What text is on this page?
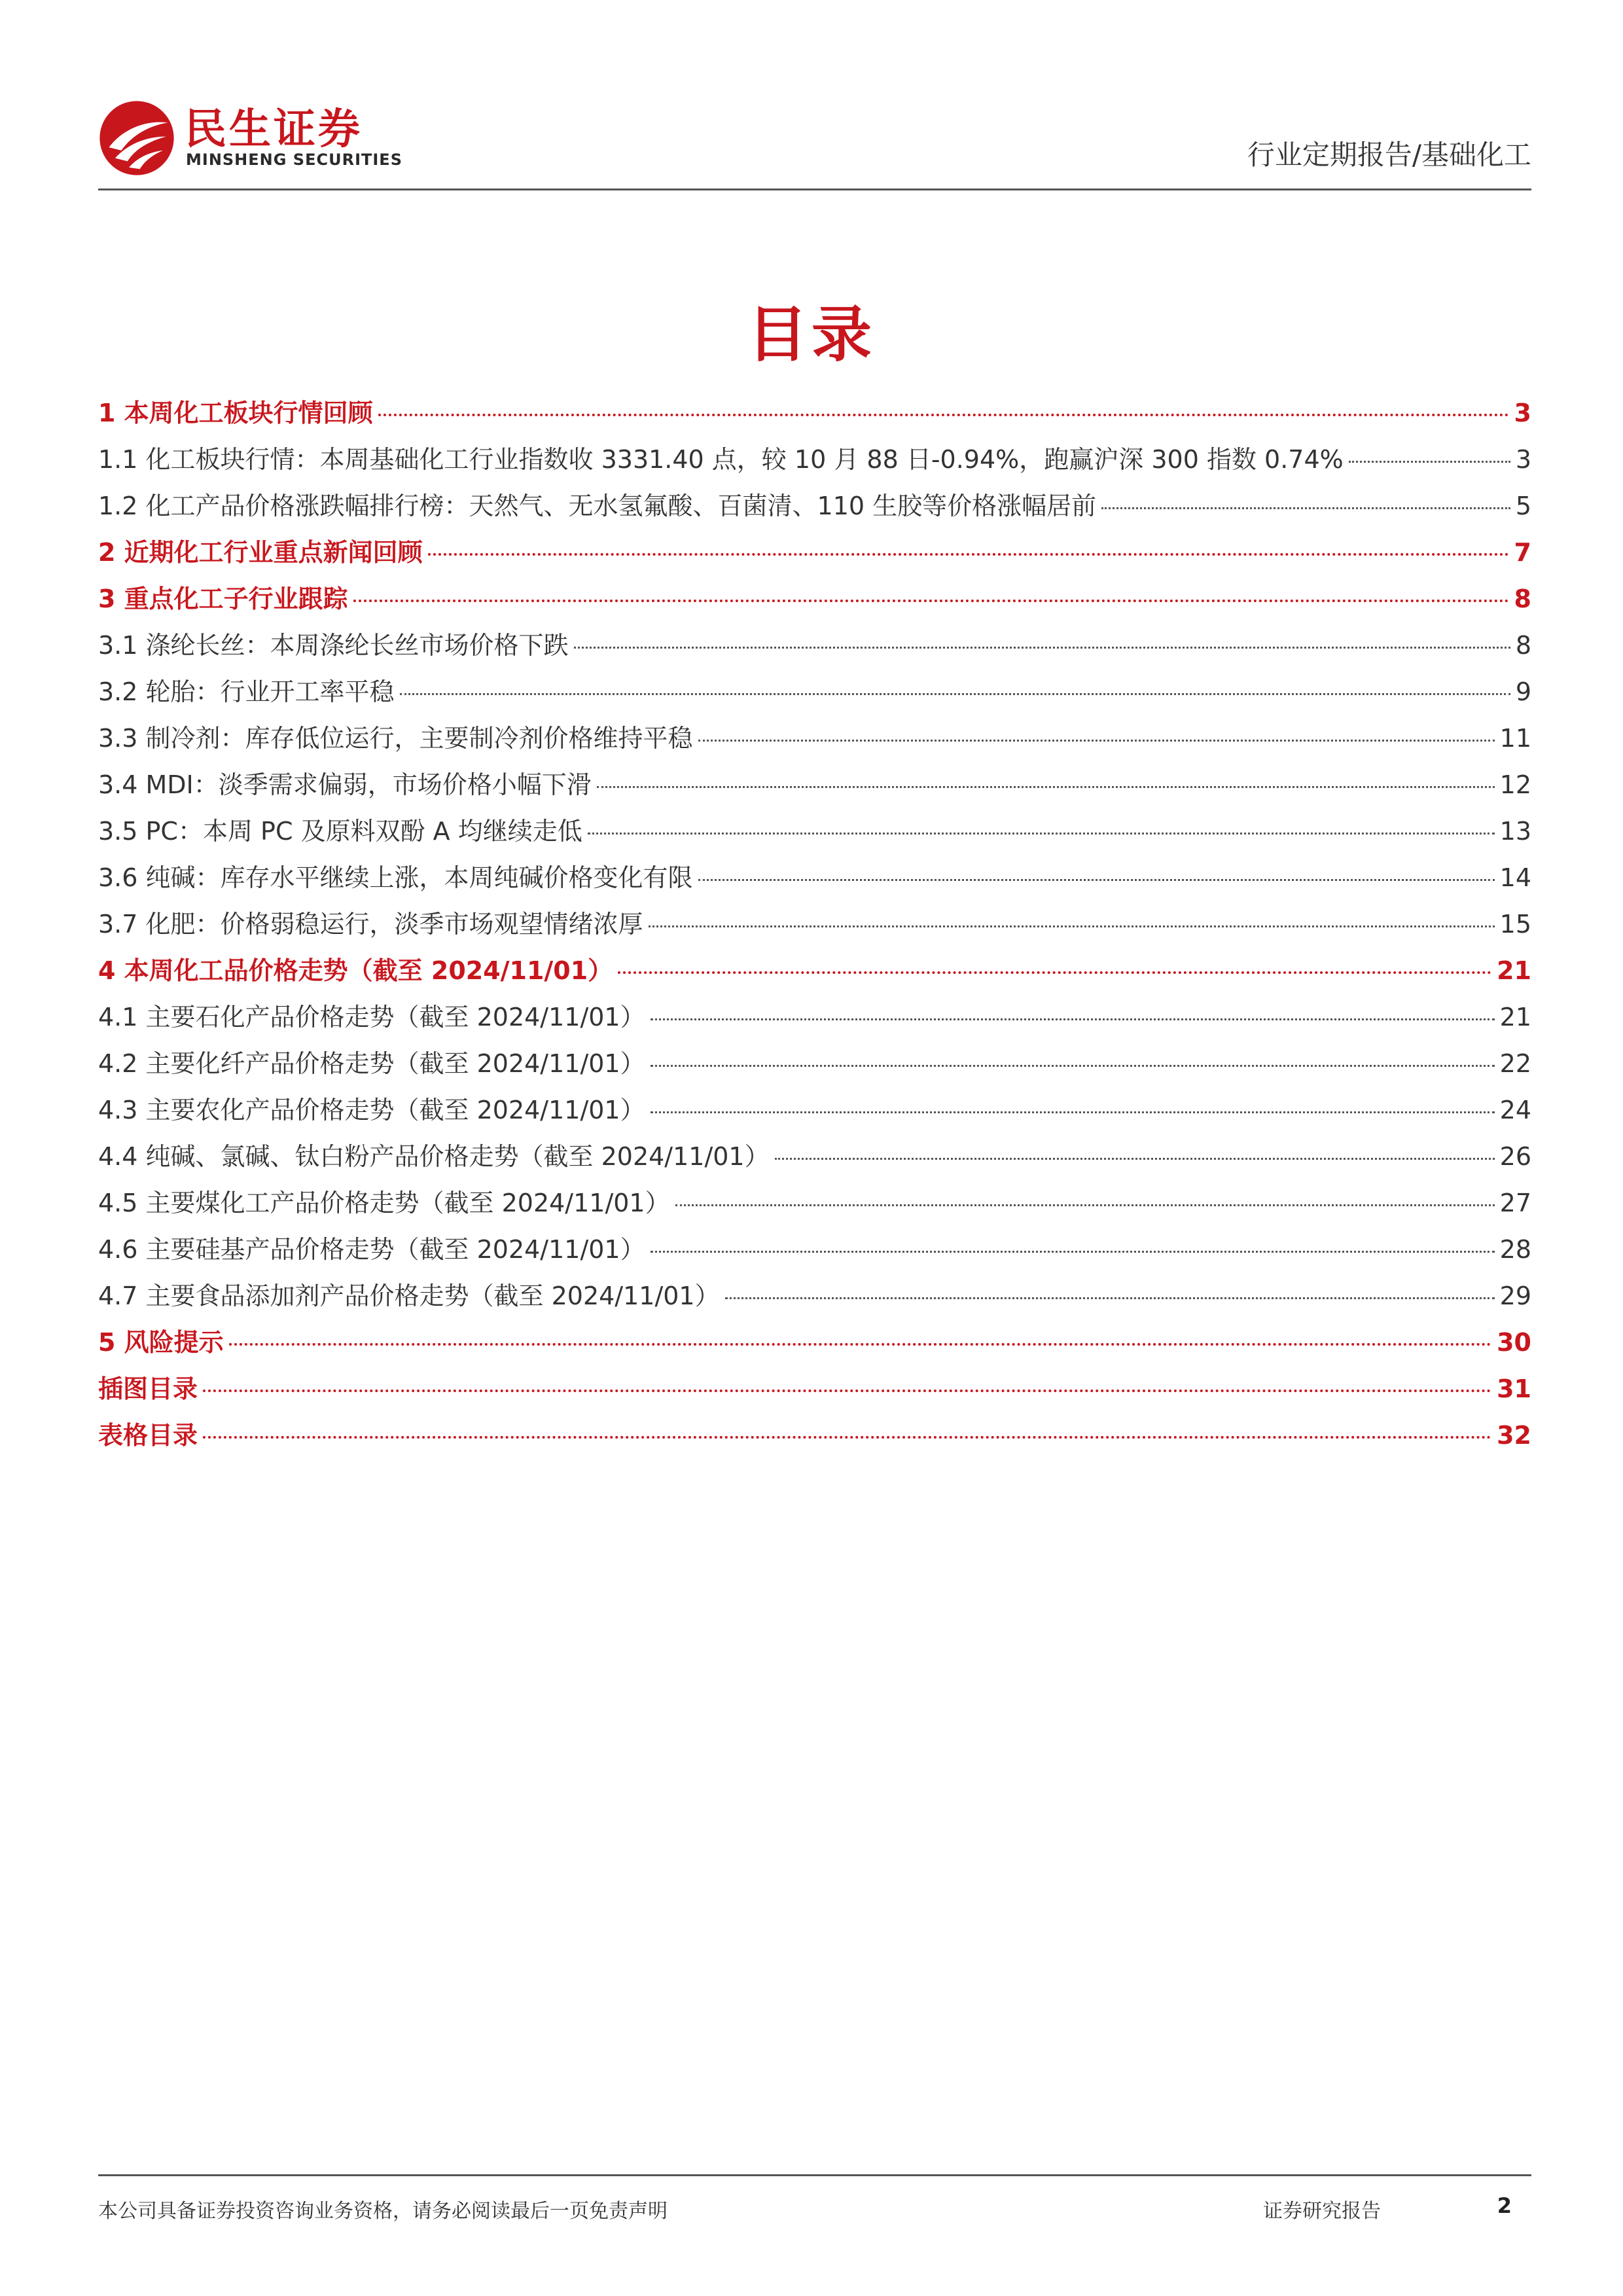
民生证券
MINSHENG SECURITIES	行业定期报告/基础化工
目录
1 本周化工板块行情回顾	3
1.1 化工板块行情：本周基础化工行业指数收 3331.40 点，较 10 月 88 日-0.94%，跑赢沪深 300 指数 0.74%	3
1.2 化工产品价格涨跌幅排行榜：天然气、无水氢氟酸、百菌清、110 生胶等价格涨幅居前	5
2 近期化工行业重点新闻回顾	7
3 重点化工子行业跟踪	8
3.1 涤纶长丝：本周涤纶长丝市场价格下跌	8
3.2 轮胎：行业开工率平稳	9
3.3 制冷剂：库存低位运行，主要制冷剂价格维持平稳	11
3.4 MDI：淡季需求偏弱，市场价格小幅下滑	12
3.5 PC：本周 PC 及原料双酚 A 均继续走低	13
3.6 纯碱：库存水平继续上涨，本周纯碱价格变化有限	14
3.7 化肥：价格弱稳运行，淡季市场观望情绪浓厚	15
4 本周化工品价格走势（截至 2024/11/01）	21
4.1 主要石化产品价格走势（截至 2024/11/01）	21
4.2 主要化纤产品价格走势（截至 2024/11/01）	22
4.3 主要农化产品价格走势（截至 2024/11/01）	24
4.4 纯碱、氯碱、钛白粉产品价格走势（截至 2024/11/01）	26
4.5 主要煤化工产品价格走势（截至 2024/11/01）	27
4.6 主要硅基产品价格走势（截至 2024/11/01）	28
4.7 主要食品添加剂产品价格走势（截至 2024/11/01）	29
5 风险提示	30
插图目录	31
表格目录	32
本公司具备证券投资咨询业务资格，请务必阅读最后一页免责声明	证券研究报告	2
